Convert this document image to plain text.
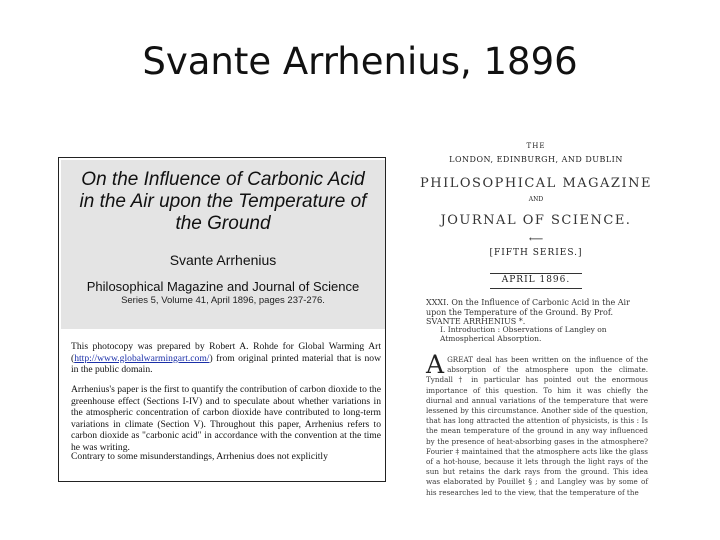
Svante Arrhenius, 1896
On the Influence of Carbonic Acid
in the Air upon the Temperature of
the Ground
Svante Arrhenius
Philosophical Magazine and Journal of Science
Series 5, Volume 41, April 1896, pages 237-276.
This photocopy was prepared by Robert A. Rohde for Global Warming Art (http://www.globalwarmingart.com/) from original printed material that is now in the public domain.
Arrhenius's paper is the first to quantify the contribution of carbon dioxide to the greenhouse effect (Sections I-IV) and to speculate about whether variations in the atmospheric concentration of carbon dioxide have contributed to long-term variations in climate (Section V). Throughout this paper, Arrhenius refers to carbon dioxide as "carbonic acid" in accordance with the convention at the time he was writing.
Contrary to some misunderstandings, Arrhenius does not explicitly
THE
LONDON, EDINBURGH, AND DUBLIN
PHILOSOPHICAL MAGAZINE
AND
JOURNAL OF SCIENCE.
⟵
[FIFTH SERIES.]
APRIL 1896.
XXXI. On the Influence of Carbonic Acid in the Air upon the Temperature of the Ground. By Prof. SVANTE ARRHENIUS *.
I. Introduction : Observations of Langley on Atmospherical Absorption.
AGREAT deal has been written on the influence of the absorption of the atmosphere upon the climate. Tyndall † in particular has pointed out the enormous importance of this question. To him it was chiefly the diurnal and annual variations of the temperature that were lessened by this circumstance. Another side of the question, that has long attracted the attention of physicists, is this : Is the mean temperature of the ground in any way influenced by the presence of heat-absorbing gases in the atmosphere? Fourier ‡ maintained that the atmosphere acts like the glass of a hot-house, because it lets through the light rays of the sun but retains the dark rays from the ground. This idea was elaborated by Pouillet § ; and Langley was by some of his researches led to the view, that the temperature of the
